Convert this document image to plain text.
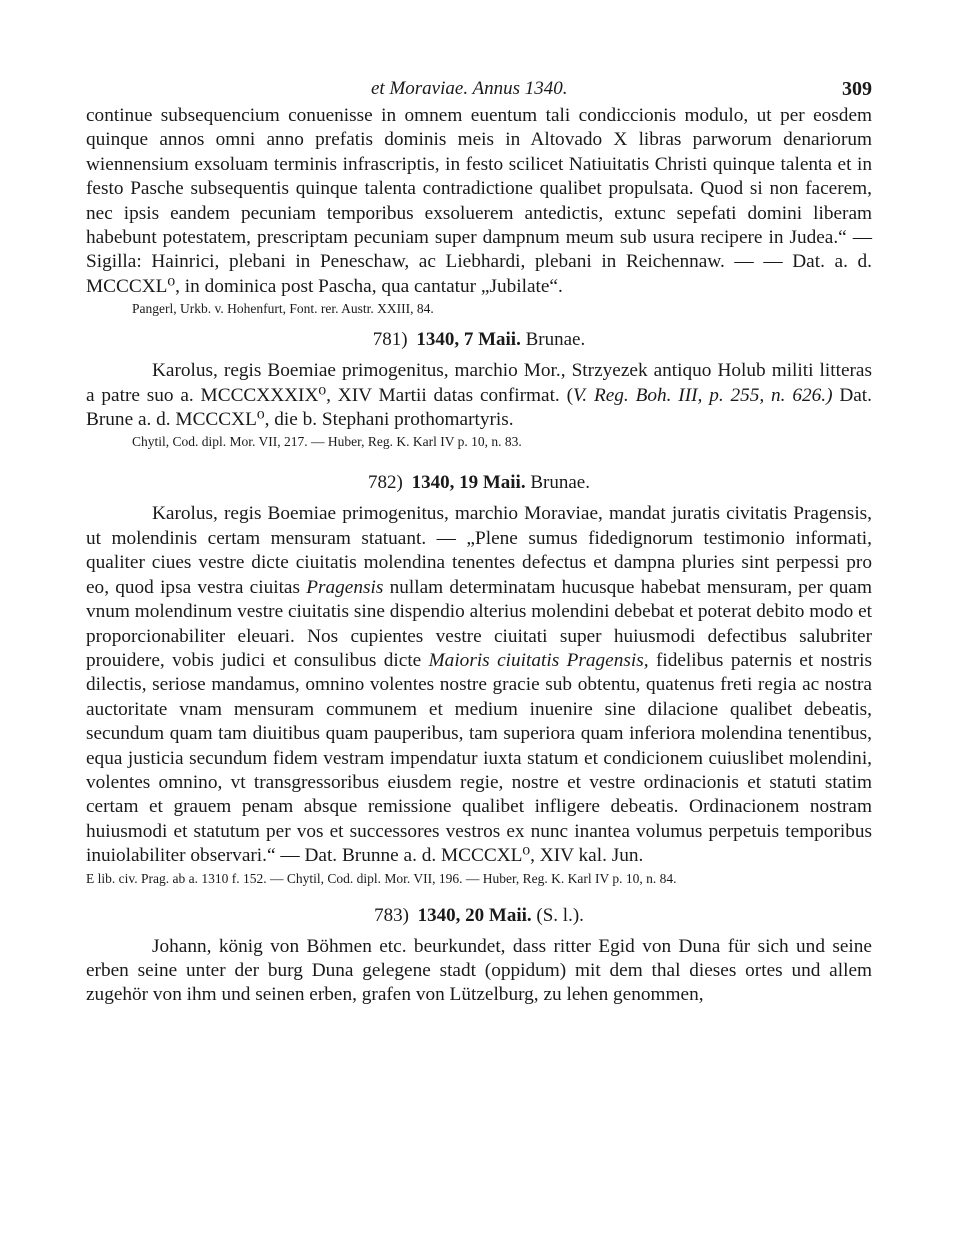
et Moraviae. Annus 1340.	309

continue subsequencium conuenisse in omnem euentum tali condiccionis modulo, ut per eosdem quinque annos omni anno prefatis dominis meis in Altovado X libras parworum denariorum wiennensium exsoluam terminis infrascriptis, in festo scilicet Natiuitatis Christi quinque talenta et in festo Pasche subsequentis quinque talenta contradictione qualibet propulsata. Quod si non facerem, nec ipsis eandem pecuniam temporibus exsoluerem antedictis, extunc sepefati domini liberam habebunt potestatem, prescriptam pecuniam super dampnum meum sub usura recipere in Judea.“ — Sigilla: Hainrici, plebani in Peneschaw, ac Liebhardi, plebani in Reichennaw. — — Dat. a. d. MCCCXL⁰, in dominica post Pascha, qua cantatur „Jubilate“.

Pangerl, Urkb. v. Hohenfurt, Font. rer. Austr. XXIII, 84.

781) 1340, 7 Maii. Brunae.

Karolus, regis Boemiae primogenitus, marchio Mor., Strzyezek antiquo Holub militi litteras a patre suo a. MCCCXXXIX⁰, XIV Martii datas confirmat. (V. Reg. Boh. III, p. 255, n. 626.) Dat. Brune a. d. MCCCXL⁰, die b. Stephani prothomartyris.

Chytil, Cod. dipl. Mor. VII, 217. — Huber, Reg. K. Karl IV p. 10, n. 83.

782) 1340, 19 Maii. Brunae.

Karolus, regis Boemiae primogenitus, marchio Moraviae, mandat juratis civitatis Pragensis, ut molendinis certam mensuram statuant. — „Plene sumus fidedignorum testimonio informati, qualiter ciues vestre dicte ciuitatis molendina tenentes defectus et dampna pluries sint perpessi pro eo, quod ipsa vestra ciuitas Pragensis nullam determinatam hucusque habebat mensuram, per quam vnum molendinum vestre ciuitatis sine dispendio alterius molendini debebat et poterat debito modo et proporcionabiliter eleuari. Nos cupientes vestre ciuitati super huiusmodi defectibus salubriter prouidere, vobis judici et consulibus dicte Maioris ciuitatis Pragensis, fidelibus paternis et nostris dilectis, seriose mandamus, omnino volentes nostre gracie sub obtentu, quatenus freti regia ac nostra auctoritate vnam mensuram communem et medium inuenire sine dilacione qualibet debeatis, secundum quam tam diuitibus quam pauperibus, tam superiora quam inferiora molendina tenentibus, equa justicia secundum fidem vestram impendatur iuxta statum et condicionem cuiuslibet molendini, volentes omnino, vt transgressoribus eiusdem regie, nostre et vestre ordinacionis et statuti statim certam et grauem penam absque remissione qualibet infligere debeatis. Ordinacionem nostram huiusmodi et statutum per vos et successores vestros ex nunc inantea volumus perpetuis temporibus inuiolabiliter observari.“ — Dat. Brunne a. d. MCCCXL⁰, XIV kal. Jun.

E lib. civ. Prag. ab a. 1310 f. 152. — Chytil, Cod. dipl. Mor. VII, 196. — Huber, Reg. K. Karl IV p. 10, n. 84.

783) 1340, 20 Maii. (S. l.).

Johann, könig von Böhmen etc. beurkundet, dass ritter Egid von Duna für sich und seine erben seine unter der burg Duna gelegene stadt (oppidum) mit dem thal dieses ortes und allem zugehör von ihm und seinen erben, grafen von Lützelburg, zu lehen genommen,
